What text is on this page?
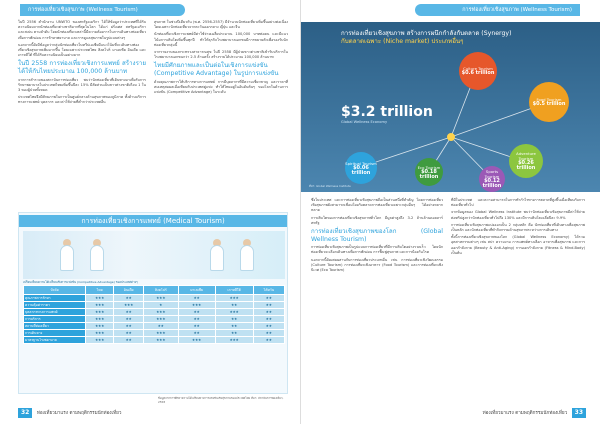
การท่องเที่ยวเชิงสุขภาพ (Wellness Tourism)

ในปี 2556 ตำนักงาน UNWTO ของสหรัฐอเมริกา ได้ให้ข้อมูลว่าประเทศที่ได้รับความนิยมจากนักท่องเที่ยวต่างชาติมากที่สุดในโลก ได้แก่ ฝรั่งเศส สหรัฐอเมริกา และสเปน ตามลำดับ โดยนักท่องเที่ยวเหล่านี้มีความต้องการในการเดินทางท่องเที่ยวเพื่อการพักผ่อน การรักษาพยาบาล และการดูแลสุขภาพในรูปแบบต่างๆ

นอกจากนี้ยังมีข้อมูลว่ากลุ่มนักท่องเที่ยวในทวีปเอเชียมีแนวโน้มที่จะเดินทางท่องเที่ยวเชิงสุขภาพเพิ่มมากขึ้น โดยเฉพาะประเทศไทย สิงคโปร์ มาเลเซีย อินเดีย และเกาหลีใต้ ที่ได้รับความนิยมเป็นอย่างมาก

ในปี 2558 การท่องเที่ยวเชิงการแพทย์ สร้างรายได้ให้กับไทยประมาณ 100,000 ล้านบาท

จากการสำรวจของสถาบันการท่องเที่ยว พบว่านักท่องเที่ยวที่เดินทางมาเพื่อรับการรักษาพยาบาลในประเทศไทยเพิ่มขึ้นปีละ 15% มีสัดส่วนเป็นชาวต่างชาติเกือบ 1 ใน 3 ของผู้ป่วยทั้งหมด

ประเทศไทยจึงมีศักยภาพในการเป็นศูนย์กลางด้านสุขภาพของภูมิภาค ทั้งด้านบริการทางการแพทย์ บุคลากร และค่าใช้จ่ายที่ต่ำกว่าประเทศอื่น

สุขภาพ ในช่วงปีเดียวกัน (พ.ศ. 2556-2557) มีจำนวนนักท่องเที่ยวเพิ่มขึ้นอย่างต่อเนื่อง โดยเฉพาะนักท่องเที่ยวจากตะวันออกกลาง ญี่ปุ่น และจีน

นักท่องเที่ยวเชิงการแพทย์มีค่าใช้จ่ายเฉลี่ยประมาณ 100,000 บาทต่อคน และมีแนวโน้มการเติบโตเพิ่มขึ้นทุกปี ทำให้ธุรกิจโรงพยาบาลเอกชนมีการขยายตัวเพื่อรองรับนักท่องเที่ยวกลุ่มนี้

จากรายงานของกระทรวงสาธารณสุข ในปี 2558 มีผู้ป่วยชาวต่างชาติเข้ารับบริการในโรงพยาบาลเอกชนกว่า 2.5 ล้านครั้ง สร้างรายได้ประมาณ 100,000 ล้านบาท

ไทยมีศักยภาพและเป็นต่อในเชิงการแข่งขัน (Competitive Advantage) ในรูปการแข่งขัน

ด้วยคุณภาพการให้บริการทางการแพทย์ การมีบุคลากรที่มีความเชี่ยวชาญ และราคาที่สมเหตุสมผลเมื่อเทียบกับประเทศคู่แข่ง ทำให้ไทยอยู่ในอันดับต้นๆ ของโลกในด้านการแข่งขัน (Competitive Advantage) ในระดับ

การท่องเที่ยวเชิงการแพทย์ (Medical Tourism)
เปรียบเทียบความได้เปรียบเชิงการแข่งขัน (Competitive Advantage) ของประเทศต่างๆ
ปัจจัย	ไทย	อินเดีย	สิงคโปร์	มาเลเซีย	เกาหลีใต้	ไต้หวัน
คุณภาพการรักษา	★★★	★★	★★★	★★	★★★	★★
ความคุ้มค่าราคา	★★★	★★★	★	★★★	★★	★★
บุคลากรทางการแพทย์	★★★	★★	★★★	★★	★★★	★★
การบริการ	★★★	★★	★★★	★★	★★	★★
สถานที่ท่องเที่ยว	★★★	★★	★★	★★	★★	★★
การเดินทาง	★★★	★★	★★★	★★	★★	★★
มาตรฐานโรงพยาบาล	★★★	★★	★★★	★★★	★★★	★★
ข้อมูลจากการศึกษาความได้เปรียบทางการแข่งขันเชิงสุขภาพของประเทศไทย ที่มา: สถาบันการท่องเที่ยว, 2558
32 ท่องเที่ยวมาแรง ตามพฤติกรรมนักท่องเที่ยว
การท่องเที่ยวเชิงสุขภาพ (Wellness Tourism)
การท่องเที่ยวเชิงสุขภาพ สร้างการผนึกกำลังกับตลาด (Synergy)
กับตลาดเฉพาะ (Niche market) ประเภทอื่นๆ
$3.2 trillion
Global Wellness Economy
Culture Tourism
$0.6 trillion
Food Tourism
$0.5 trillion
Adventure Tourism
$0.26 trillion
Spiritual Tourism
$0.06 trillion
Eco Tourism
$0.18 trillion
Sports Tourism
$0.12 trillion
ที่มา: Global Wellness Institute

ซึ่งในประเทศ และการท่องเที่ยวเชิงสุขภาพถือเป็นส่วนหนึ่งที่สำคัญ โดยการท่องเที่ยวเชิงสุขภาพยังสามารถเชื่อมโยงกับตลาดการท่องเที่ยวเฉพาะกลุ่มอื่นๆ ได้อย่างหลากหลาย

การเติบโตของการท่องเที่ยวเชิงสุขภาพทั่วโลก มีมูลค่าสูงถึง 3.2 ล้านล้านดอลลาร์สหรัฐ

การท่องเที่ยวเชิงสุขภาพของโลก (Global Wellness Tourism)

การท่องเที่ยวเชิงสุขภาพเป็นรูปแบบการท่องเที่ยวที่มีการเติบโตอย่างรวดเร็ว โดยนักท่องเที่ยวจะเลือกเดินทางเพื่อการพักผ่อน การฟื้นฟูสุขภาพ และการป้องกันโรค

นอกจากนี้ยังผสมผสานกับการท่องเที่ยวประเภทอื่น เช่น การท่องเที่ยวเชิงวัฒนธรรม (Culture Tourism) การท่องเที่ยวเชิงอาหาร (Food Tourism) และการท่องเที่ยวเชิงนิเวศ (Eco Tourism)

ที่มีในประเทศ และความสามารถในการทำกำไรทางการตลาดที่สูงขึ้นเมื่อเทียบกับการท่องเที่ยวทั่วไป

จากข้อมูลของ Global Wellness Institute พบว่านักท่องเที่ยวเชิงสุขภาพมีค่าใช้จ่ายต่อทริปสูงกว่านักท่องเที่ยวทั่วไปถึง 130% และมีการเติบโตเฉลี่ยปีละ 9.9%

การท่องเที่ยวเชิงสุขภาพแบ่งออกเป็น 2 กลุ่มหลัก คือ นักท่องเที่ยวที่เดินทางเพื่อสุขภาพเป็นหลัก และนักท่องเที่ยวที่ทำกิจกรรมด้านสุขภาพระหว่างการเดินทาง

ทั้งนี้การท่องเที่ยวเชิงสุขภาพของโลก (Global Wellness Economy) ได้รวมอุตสาหกรรมต่างๆ เช่น สปา ความงาม การแพทย์ทางเลือก อาหารเพื่อสุขภาพ และการออกกำลังกาย (Beauty & Anti-Aging) การออกกำลังกาย (Fitness & Mind-Body) เป็นต้น

ท่องเที่ยวมาแรง ตามพฤติกรรมนักท่องเที่ยว 33
